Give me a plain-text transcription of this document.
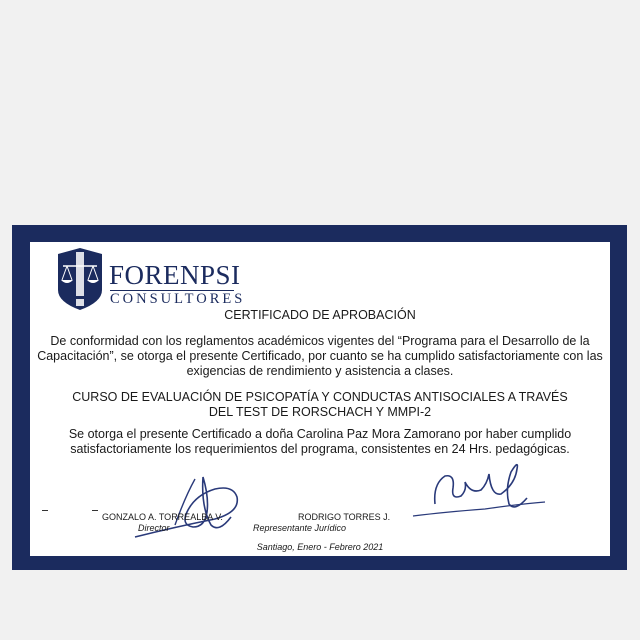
FORENPSI
CONSULTORES
CERTIFICADO DE APROBACIÓN
De conformidad con los reglamentos académicos vigentes del “Programa para el Desarrollo de la
Capacitación”, se otorga el presente Certificado, por cuanto se ha cumplido satisfactoriamente con las
exigencias de rendimiento y asistencia a clases.
CURSO DE EVALUACIÓN DE PSICOPATÍA Y CONDUCTAS ANTISOCIALES A TRAVÉS
DEL TEST DE RORSCHACH Y MMPI-2
Se otorga el presente Certificado a doña Carolina Paz Mora Zamorano por haber cumplido
satisfactoriamente los requerimientos del programa, consistentes en 24 Hrs. pedagógicas.
GONZALO A. TORREALBA V.
Director
RODRIGO TORRES J.
Representante Jurídico
Santiago, Enero - Febrero 2021
